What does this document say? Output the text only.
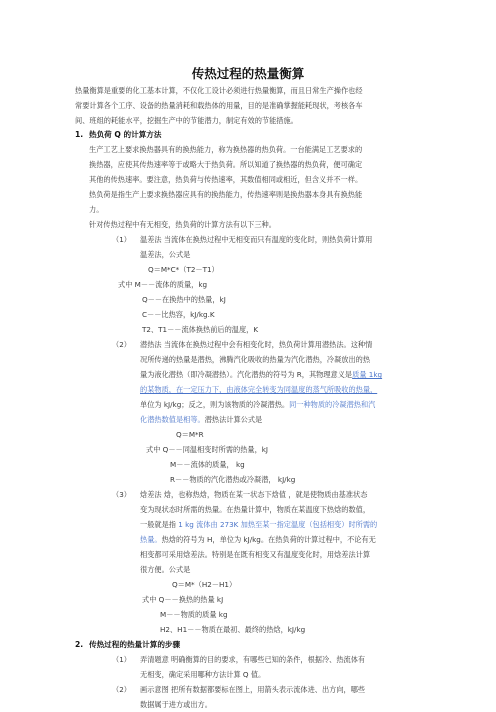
传热过程的热量衡算
热量衡算是重要的化工基本计算，不仅化工设计必须进行热量衡算，而且日常生产操作也经
常要计算各个工序、设备的热量消耗和载热体的用量，目的是准确掌握能耗现状，考核各车
间、班组的耗能水平，挖掘生产中的节能潜力，制定有效的节能措施。
1. 热负荷 Q 的计算方法
生产工艺上要求换热器具有的换热能力，称为换热器的热负荷。一台能满足工艺要求的
换热器，应使其传热速率等于或略大于热负荷。所以知道了换热器的热负荷，便可确定
其他的传热速率。要注意，热负荷与传热速率，其数值相同或相近，但含义并不一样。
热负荷是指生产上要求换热器应具有的换热能力，传热速率则是换热器本身具有换热能
力。
针对传热过程中有无相变，热负荷的计算方法有以下三种。
（1） 温差法 当流体在换热过程中无相变而只有温度的变化时，则热负荷计算用
温差法，公式是
Q＝M*C*（T2－T1）
式中 M－－流体的质量，kg
Q－－在换热中的热量，kJ
C－－比热容，kJ/kg.K
T2、T1－－流体换热前后的温度，K
（2） 潜热法 当流体在换热过程中会有相变化时，热负荷计算用潜热法。这种情
况所传递的热量是潜热，沸腾汽化吸收的热量为汽化潜热，冷凝放出的热
量为液化潜热（即冷凝潜热）。汽化潜热的符号为 R，其物理意义是质量 1kg
的某物质，在一定压力下，由液体完全转变为同温度的蒸气所吸收的热量，
单位为 kJ/kg；反之，则为该物质的冷凝潜热。同一种物质的冷凝潜热和汽
化潜热数值是相等。潜热法计算公式是
Q＝M*R
式中 Q－－同温相变时所需的热量，kJ
M－－流体的质量， kg
R－－物质的汽化潜热或冷凝潜， kJ/kg
（3） 焓差法 焓，也称热焓，物质在某一状态下焓值 ，就是使物质由基准状态
变为现状态时所需的热量。在热量计算中，物质在某温度下热焓的数值，
一般就是指 1 kg 流体由 273K 加热至某一指定温度（包括相变）时所需的
热量。热焓的符号为 H，单位为 kJ/kg。在热负荷的计算过程中，不论有无
相变都可采用焓差法。特别是在既有相变又有温度变化时，用焓差法计算
很方便。公式是
Q＝M*（H2－H1）
式中 Q－－换热的热量 kJ
M－－物质的质量 kg
H2、H1－－物质在最初、最终的热焓，kJ/kg
2. 传热过程的热量计算的步骤
（1） 弄清题意 明确衡算的目的要求，有哪些已知的条件，根据冷、热流体有
无相变，确定采用哪种方法计算 Q 值。
（2） 画示意图 把所有数据都要标在图上，用箭头表示流体进、出方向，哪些
数据属于进方或出方。
